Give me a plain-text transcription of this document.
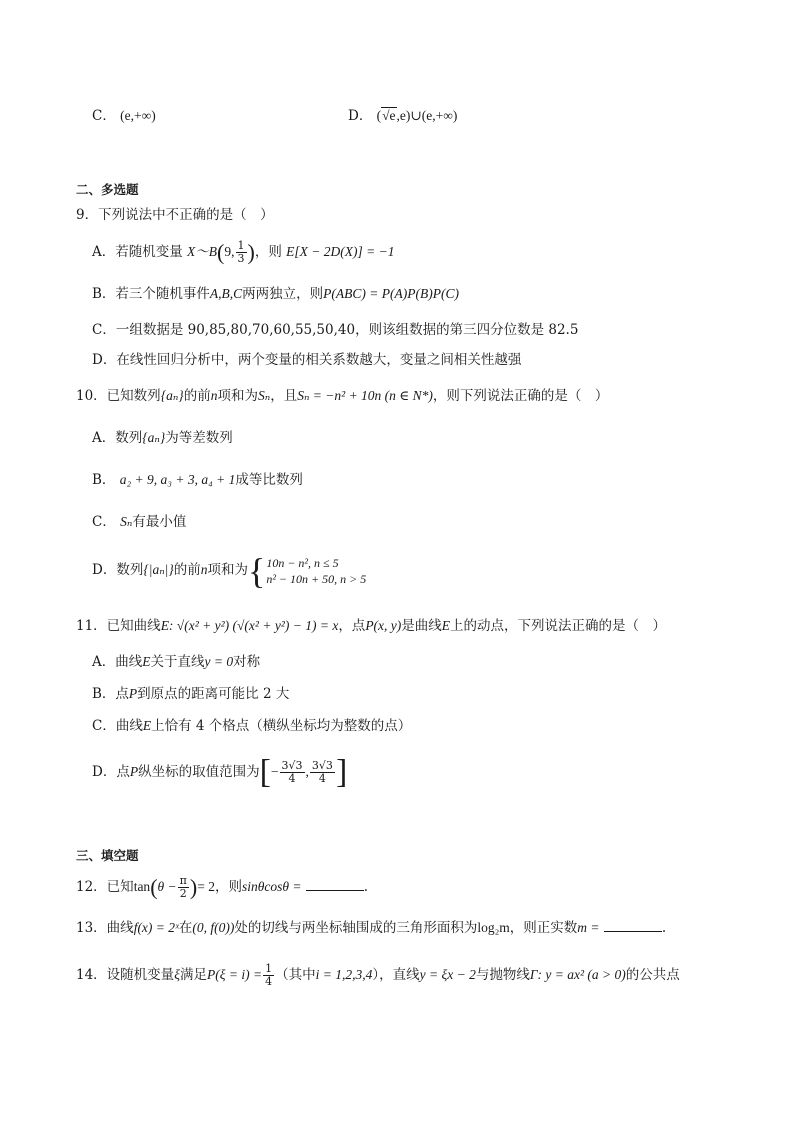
C． (e,+∞)	D． (√e,e)∪(e,+∞)
二、多选题
9．下列说法中不正确的是（　）
A．若随机变量 X～B(9, $\frac{1}{3}$ )，则 E[X − 2D(X)] = −1
B．若三个随机事件A,B,C两两独立，则P(ABC) = P(A)P(B)P(C)
C．一组数据是 90,85,80,70,60,55,50,40，则该组数据的第三四分位数是 82.5
D．在线性回归分析中，两个变量的相关系数越大，变量之间相关性越强
10．已知数列{aₙ}的前n项和为Sₙ，且Sₙ = −n² + 10n (n ∈ N*)，则下列说法正确的是（　）
A．数列{aₙ}为等差数列
B． a₂ + 9, a₃ + 3, a₄ + 1成等比数列
C． Sₙ有最小值
D．数列{|aₙ|}的前n项和为 { 10n − n², n ≤ 5
n² − 10n + 50, n > 5
11．已知曲线E: √(x² + y²) (√(x² + y²) − 1) = x，点P(x, y)是曲线E上的动点，下列说法正确的是（　）
A．曲线E关于直线y = 0对称
B．点P到原点的距离可能比 2 大
C．曲线E上恰有 4 个格点（横纵坐标均为整数的点）
D．点P纵坐标的取值范围为[− $\frac{3√3}{4}$ , $\frac{3√3}{4}$ ]
三、填空题
12．已知$\tan(\theta - \frac{\pi}{2}$ )= 2，则sinθcosθ =	.
13．曲线f(x) = 2ˣ在(0, f(0))处的切线与两坐标轴围成的三角形面积为log₂m，则正实数m =	.
14．设随机变量ξ满足$P(\xi = i) = \frac{1}{4}$ （其中i = 1,2,3,4），直线y = ξx − 2与抛物线Γ: y = ax² (a > 0)的公共点
